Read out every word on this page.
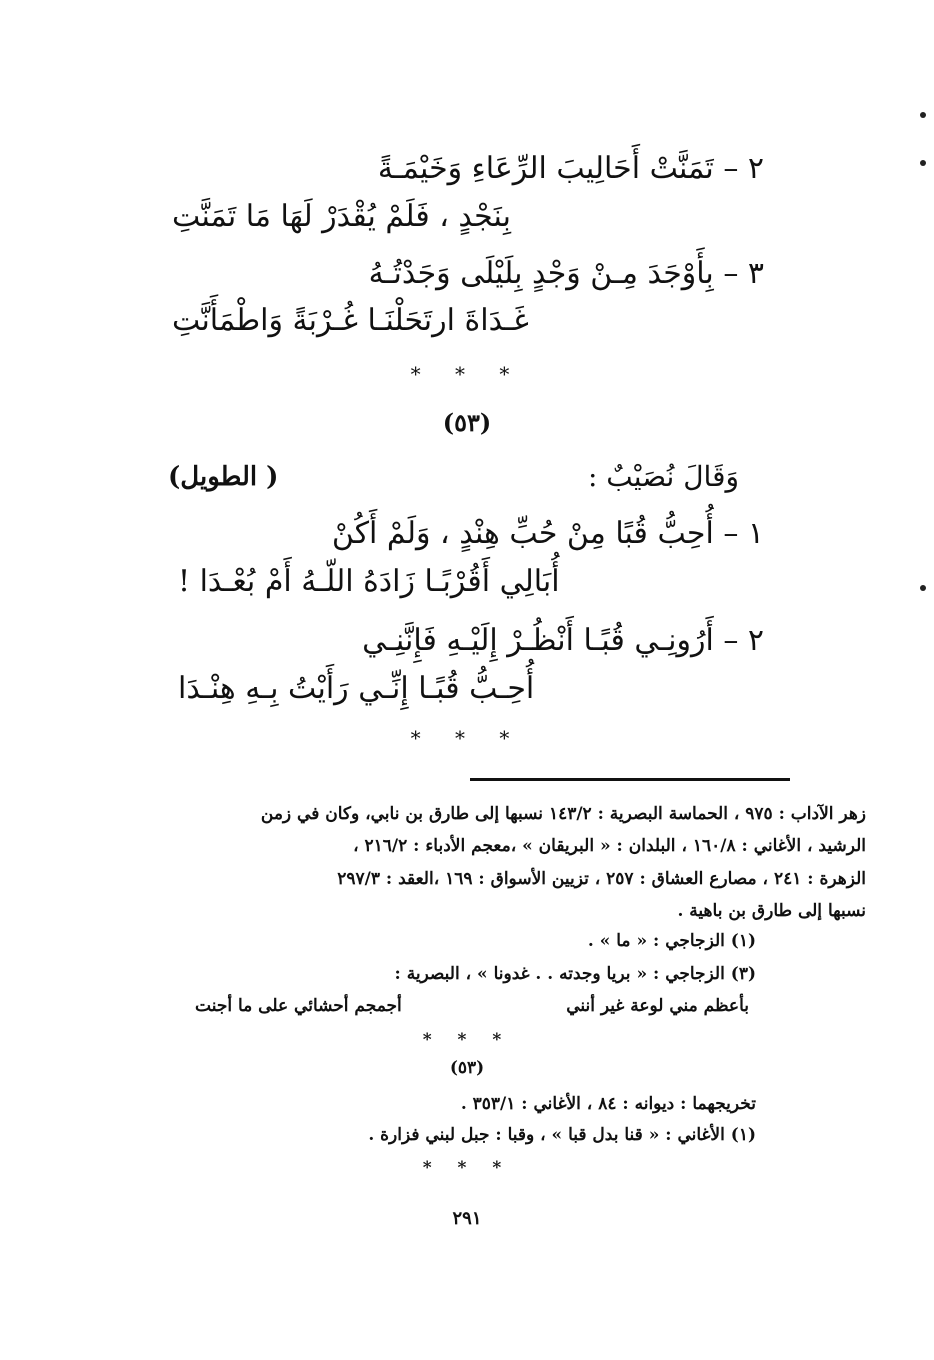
٢ – تَمَنَّتْ أَحَالِيبَ الرِّعَاءِ وَخَيْمَـةً
بِنَجْدٍ ، فَلَمْ يُقْدَرْ لَهَا مَا تَمَنَّتِ
٣ – بِأَوْجَدَ مِـنْ وَجْدٍ بِلَيْلَى وَجَدْتُـهُ
غَـدَاةَ ارتَحَلْنَـا غُـرْبَةً وَاطْمَأَنَّتِ
* * *
(٥٣)
وَقَالَ نُصَيْبٌ :
( الطويل)
١ – أُحِبُّ قُبًا مِنْ حُبِّ هِنْدٍ ، وَلَمْ أَكُنْ
أُبَالِي أَقُرْبًـا زَادَهُ اللّـهُ أَمْ بُعْـدَا !
٢ – أَرُونِـي قُبًـا أَنْظُـرْ إِلَيْـهِ فَإِنَّنِـي
أُحِـبُّ قُبًـا إِنِّـي رَأَيْتُ بِـهِ هِنْـدَا
* * *
زهر الآداب : ٩٧٥ ، الحماسة البصرية : ١٤٣/٢ نسبها إلى طارق بن نابي، وكان في زمن
الرشيد ، الأغاني : ١٦٠/٨ ، البلدان : « البريقان » ،معجم الأدباء : ٢١٦/٢ ،
الزهرة : ٢٤١ ، مصارع العشاق : ٢٥٧ ، تزيين الأسواق : ١٦٩ ،العقد : ٢٩٧/٣
نسبها إلى طارق بن باهية .
(١) الزجاجي : « ما » .
(٣) الزجاجي : « بريا وجدته . . غدونا » ، البصرية :
بأعظم مني لوعة غير أنني
أجمجم أحشائي على ما أجنت
* * *
(٥٣)
تخريجهما : ديوانه : ٨٤ ، الأغاني : ٣٥٣/١ .
(١) الأغاني : « قنا بدل قبا » ، وقبا : جبل لبني فزارة .
* * *
٢٩١
